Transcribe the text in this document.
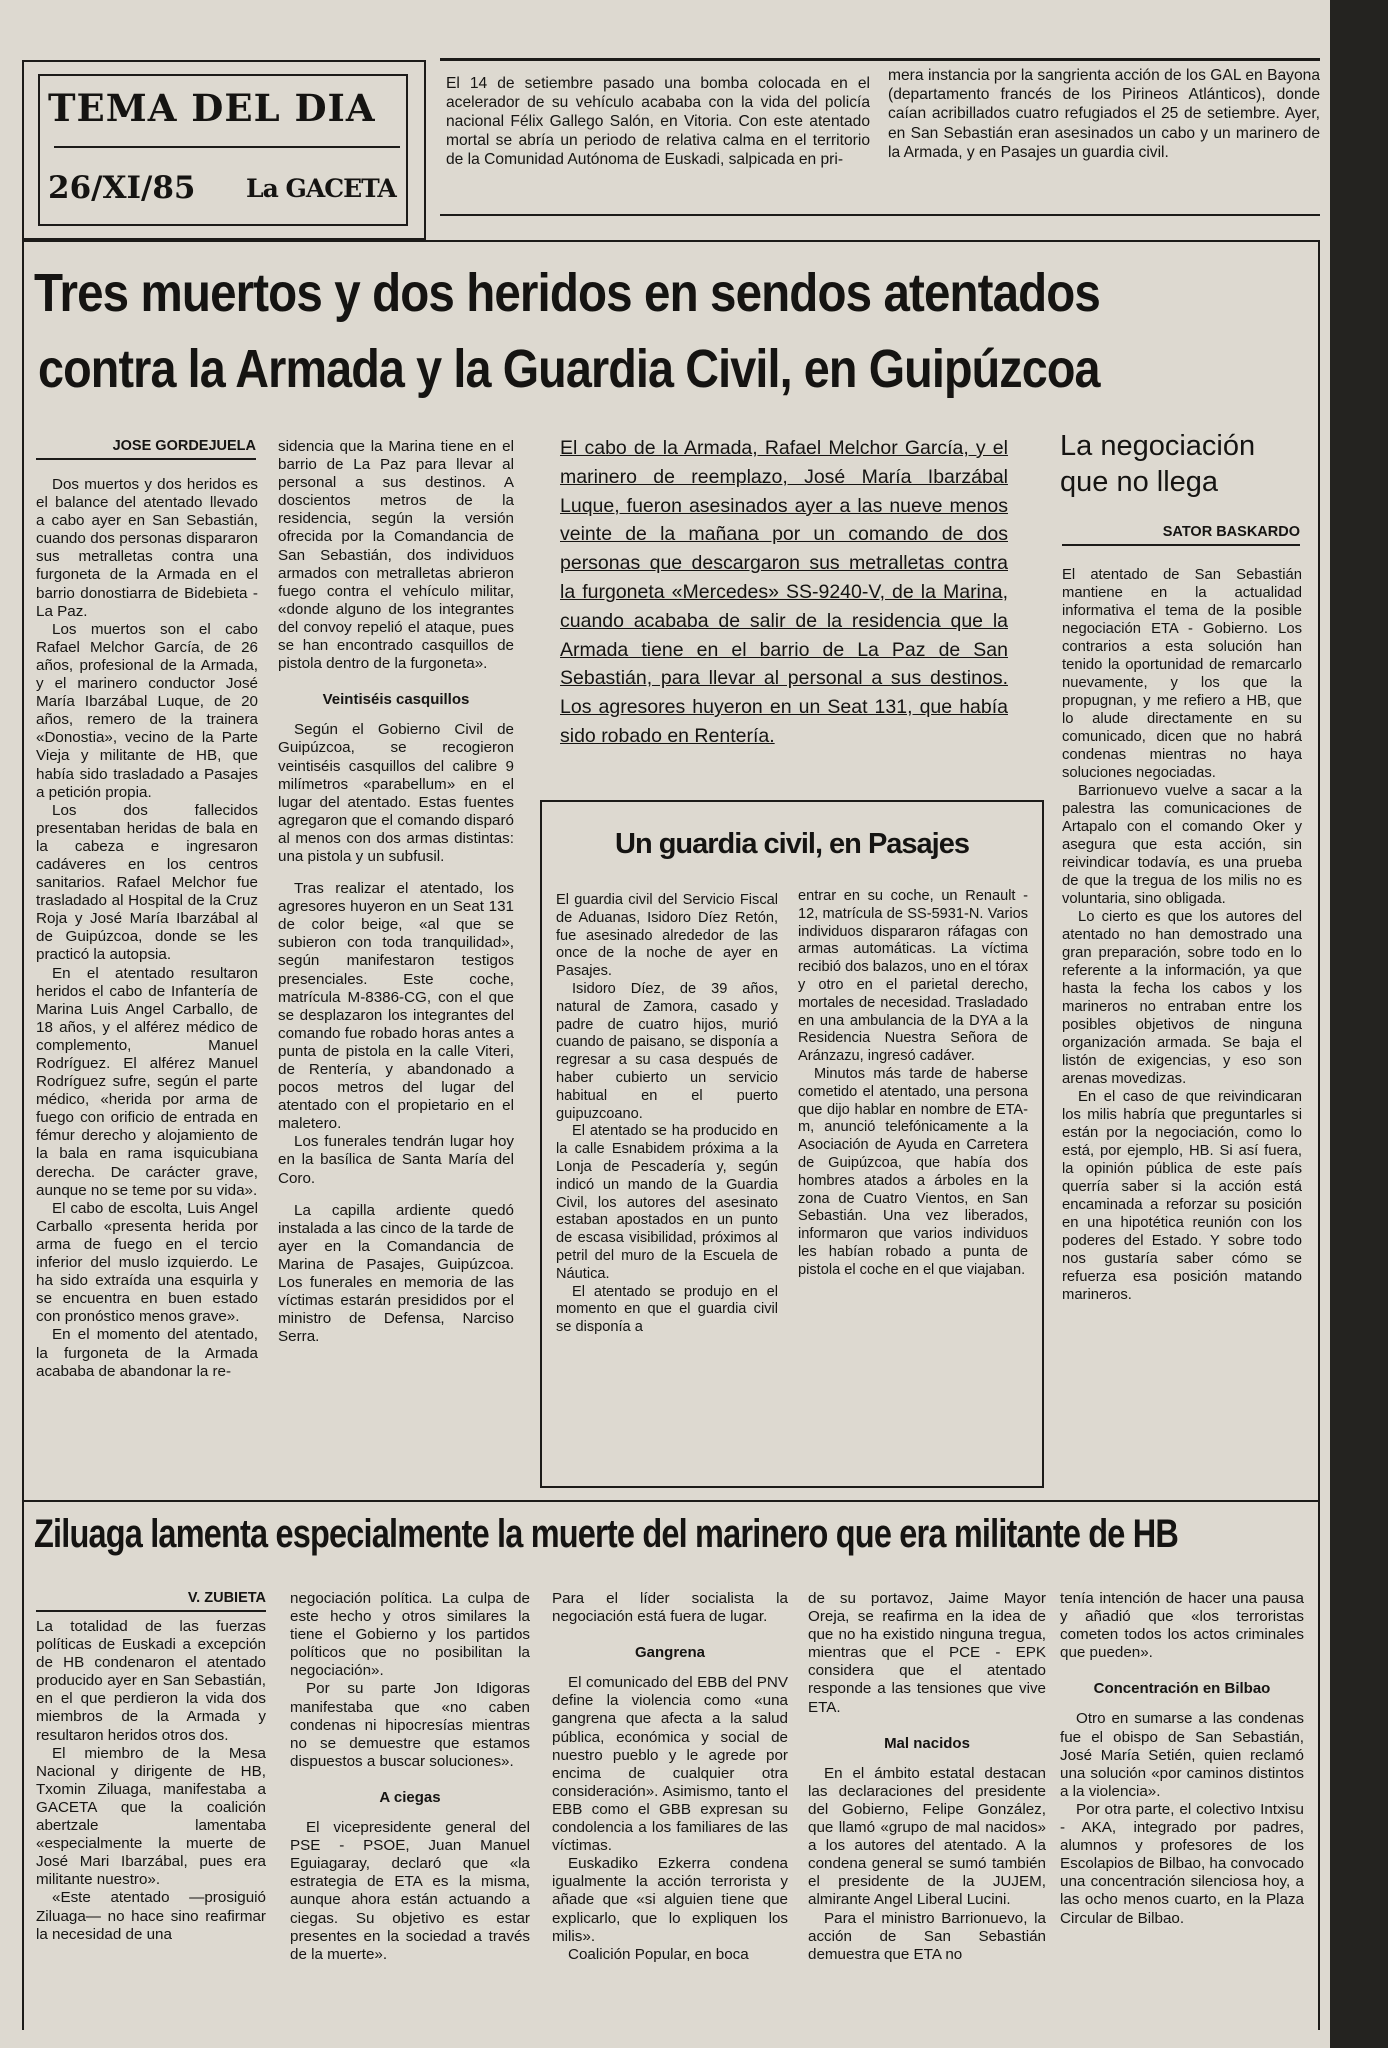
TEMA DEL DIA
26/XI/85 La GACETA
El 14 de setiembre pasado una bomba colocada en el acelerador de su vehículo acababa con la vida del policía nacional Félix Gallego Salón, en Vitoria. Con este atentado mortal se abría un periodo de relativa calma en el territorio de la Comunidad Autónoma de Euskadi, salpicada en pri-
mera instancia por la sangrienta acción de los GAL en Bayona (departamento francés de los Pirineos Atlánticos), donde caían acribillados cuatro refugiados el 25 de setiembre. Ayer, en San Sebastián eran asesinados un cabo y un marinero de la Armada, y en Pasajes un guardia civil.
Tres muertos y dos heridos en sendos atentados
contra la Armada y la Guardia Civil, en Guipúzcoa
JOSE GORDEJUELA

Dos muertos y dos heridos es el balance del atentado llevado a cabo ayer en San Sebastián, cuando dos personas dispararon sus metralletas contra una furgoneta de la Armada en el barrio donostiarra de Bidebieta - La Paz.

Los muertos son el cabo Rafael Melchor García, de 26 años, profesional de la Armada, y el marinero conductor José María Ibarzábal Luque, de 20 años, remero de la trainera «Donostia», vecino de la Parte Vieja y militante de HB, que había sido trasladado a Pasajes a petición propia.

Los dos fallecidos presentaban heridas de bala en la cabeza e ingresaron cadáveres en los centros sanitarios. Rafael Melchor fue trasladado al Hospital de la Cruz Roja y José María Ibarzábal al de Guipúzcoa, donde se les practicó la autopsia.

En el atentado resultaron heridos el cabo de Infantería de Marina Luis Angel Carballo, de 18 años, y el alférez médico de complemento, Manuel Rodríguez. El alférez Manuel Rodríguez sufre, según el parte médico, «herida por arma de fuego con orificio de entrada en fémur derecho y alojamiento de la bala en rama isquicubiana derecha. De carácter grave, aunque no se teme por su vida».

El cabo de escolta, Luis Angel Carballo «presenta herida por arma de fuego en el tercio inferior del muslo izquierdo. Le ha sido extraída una esquirla y se encuentra en buen estado con pronóstico menos grave».

En el momento del atentado, la furgoneta de la Armada acababa de abandonar la re-

sidencia que la Marina tiene en el barrio de La Paz para llevar al personal a sus destinos. A doscientos metros de la residencia, según la versión ofrecida por la Comandancia de San Sebastián, dos individuos armados con metralletas abrieron fuego contra el vehículo militar, «donde alguno de los integrantes del convoy repelió el ataque, pues se han encontrado casquillos de pistola dentro de la furgoneta».

Veintiséis casquillos

Según el Gobierno Civil de Guipúzcoa, se recogieron veintiséis casquillos del calibre 9 milímetros «parabellum» en el lugar del atentado. Estas fuentes agregaron que el comando disparó al menos con dos armas distintas: una pistola y un subfusil.

Tras realizar el atentado, los agresores huyeron en un Seat 131 de color beige, «al que se subieron con toda tranquilidad», según manifestaron testigos presenciales. Este coche, matrícula M-8386-CG, con el que se desplazaron los integrantes del comando fue robado horas antes a punta de pistola en la calle Viteri, de Rentería, y abandonado a pocos metros del lugar del atentado con el propietario en el maletero.

Los funerales tendrán lugar hoy en la basílica de Santa María del Coro.

La capilla ardiente quedó instalada a las cinco de la tarde de ayer en la Comandancia de Marina de Pasajes, Guipúzcoa. Los funerales en memoria de las víctimas estarán presididos por el ministro de Defensa, Narciso Serra.

El cabo de la Armada, Rafael Melchor García, y el marinero de reemplazo, José María Ibarzábal Luque, fueron asesinados ayer a las nueve menos veinte de la mañana por un comando de dos personas que descargaron sus metralletas contra la furgoneta «Mercedes» SS-9240-V, de la Marina, cuando acababa de salir de la residencia que la Armada tiene en el barrio de La Paz de San Sebastián, para llevar al personal a sus destinos. Los agresores huyeron en un Seat 131, que había sido robado en Rentería.
Un guardia civil, en Pasajes

El guardia civil del Servicio Fiscal de Aduanas, Isidoro Díez Retón, fue asesinado alrededor de las once de la noche de ayer en Pasajes.

Isidoro Díez, de 39 años, natural de Zamora, casado y padre de cuatro hijos, murió cuando de paisano, se disponía a regresar a su casa después de haber cubierto un servicio habitual en el puerto guipuzcoano.

El atentado se ha producido en la calle Esnabidem próxima a la Lonja de Pescadería y, según indicó un mando de la Guardia Civil, los autores del asesinato estaban apostados en un punto de escasa visibilidad, próximos al petril del muro de la Escuela de Náutica.

El atentado se produjo en el momento en que el guardia civil se disponía a

entrar en su coche, un Renault - 12, matrícula de SS-5931-N. Varios individuos dispararon ráfagas con armas automáticas. La víctima recibió dos balazos, uno en el tórax y otro en el parietal derecho, mortales de necesidad. Trasladado en una ambulancia de la DYA a la Residencia Nuestra Señora de Aránzazu, ingresó cadáver.

Minutos más tarde de haberse cometido el atentado, una persona que dijo hablar en nombre de ETA-m, anunció telefónicamente a la Asociación de Ayuda en Carretera de Guipúzcoa, que había dos hombres atados a árboles en la zona de Cuatro Vientos, en San Sebastián. Una vez liberados, informaron que varios individuos les habían robado a punta de pistola el coche en el que viajaban.

La negociación que no llega
SATOR BASKARDO

El atentado de San Sebastián mantiene en la actualidad informativa el tema de la posible negociación ETA - Gobierno. Los contrarios a esta solución han tenido la oportunidad de remarcarlo nuevamente, y los que la propugnan, y me refiero a HB, que lo alude directamente en su comunicado, dicen que no habrá condenas mientras no haya soluciones negociadas.

Barrionuevo vuelve a sacar a la palestra las comunicaciones de Artapalo con el comando Oker y asegura que esta acción, sin reivindicar todavía, es una prueba de que la tregua de los milis no es voluntaria, sino obligada.

Lo cierto es que los autores del atentado no han demostrado una gran preparación, sobre todo en lo referente a la información, ya que hasta la fecha los cabos y los marineros no entraban entre los posibles objetivos de ninguna organización armada. Se baja el listón de exigencias, y eso son arenas movedizas.

En el caso de que reivindicaran los milis habría que preguntarles si están por la negociación, como lo está, por ejemplo, HB. Si así fuera, la opinión pública de este país querría saber si la acción está encaminada a reforzar su posición en una hipotética reunión con los poderes del Estado. Y sobre todo nos gustaría saber cómo se refuerza esa posición matando marineros.

Ziluaga lamenta especialmente la muerte del marinero que era militante de HB
V. ZUBIETA

La totalidad de las fuerzas políticas de Euskadi a excepción de HB condenaron el atentado producido ayer en San Sebastián, en el que perdieron la vida dos miembros de la Armada y resultaron heridos otros dos.

El miembro de la Mesa Nacional y dirigente de HB, Txomin Ziluaga, manifestaba a GACETA que la coalición abertzale lamentaba «especialmente la muerte de José Mari Ibarzábal, pues era militante nuestro».

«Este atentado —prosiguió Ziluaga— no hace sino reafirmar la necesidad de una

negociación política. La culpa de este hecho y otros similares la tiene el Gobierno y los partidos políticos que no posibilitan la negociación».

Por su parte Jon Idigoras manifestaba que «no caben condenas ni hipocresías mientras no se demuestre que estamos dispuestos a buscar soluciones».

A ciegas

El vicepresidente general del PSE - PSOE, Juan Manuel Eguiagaray, declaró que «la estrategia de ETA es la misma, aunque ahora están actuando a ciegas. Su objetivo es estar presentes en la sociedad a través de la muerte».

Para el líder socialista la negociación está fuera de lugar.

Gangrena

El comunicado del EBB del PNV define la violencia como «una gangrena que afecta a la salud pública, económica y social de nuestro pueblo y le agrede por encima de cualquier otra consideración». Asimismo, tanto el EBB como el GBB expresan su condolencia a los familiares de las víctimas.

Euskadiko Ezkerra condena igualmente la acción terrorista y añade que «si alguien tiene que explicarlo, que lo expliquen los milis».

Coalición Popular, en boca

de su portavoz, Jaime Mayor Oreja, se reafirma en la idea de que no ha existido ninguna tregua, mientras que el PCE - EPK considera que el atentado responde a las tensiones que vive ETA.

Mal nacidos

En el ámbito estatal destacan las declaraciones del presidente del Gobierno, Felipe González, que llamó «grupo de mal nacidos» a los autores del atentado. A la condena general se sumó también el presidente de la JUJEM, almirante Angel Liberal Lucini.

Para el ministro Barrionuevo, la acción de San Sebastián demuestra que ETA no

tenía intención de hacer una pausa y añadió que «los terroristas cometen todos los actos criminales que pueden».

Concentración en Bilbao

Otro en sumarse a las condenas fue el obispo de San Sebastián, José María Setién, quien reclamó una solución «por caminos distintos a la violencia».

Por otra parte, el colectivo Intxisu - AKA, integrado por padres, alumnos y profesores de los Escolapios de Bilbao, ha convocado una concentración silenciosa hoy, a las ocho menos cuarto, en la Plaza Circular de Bilbao.
